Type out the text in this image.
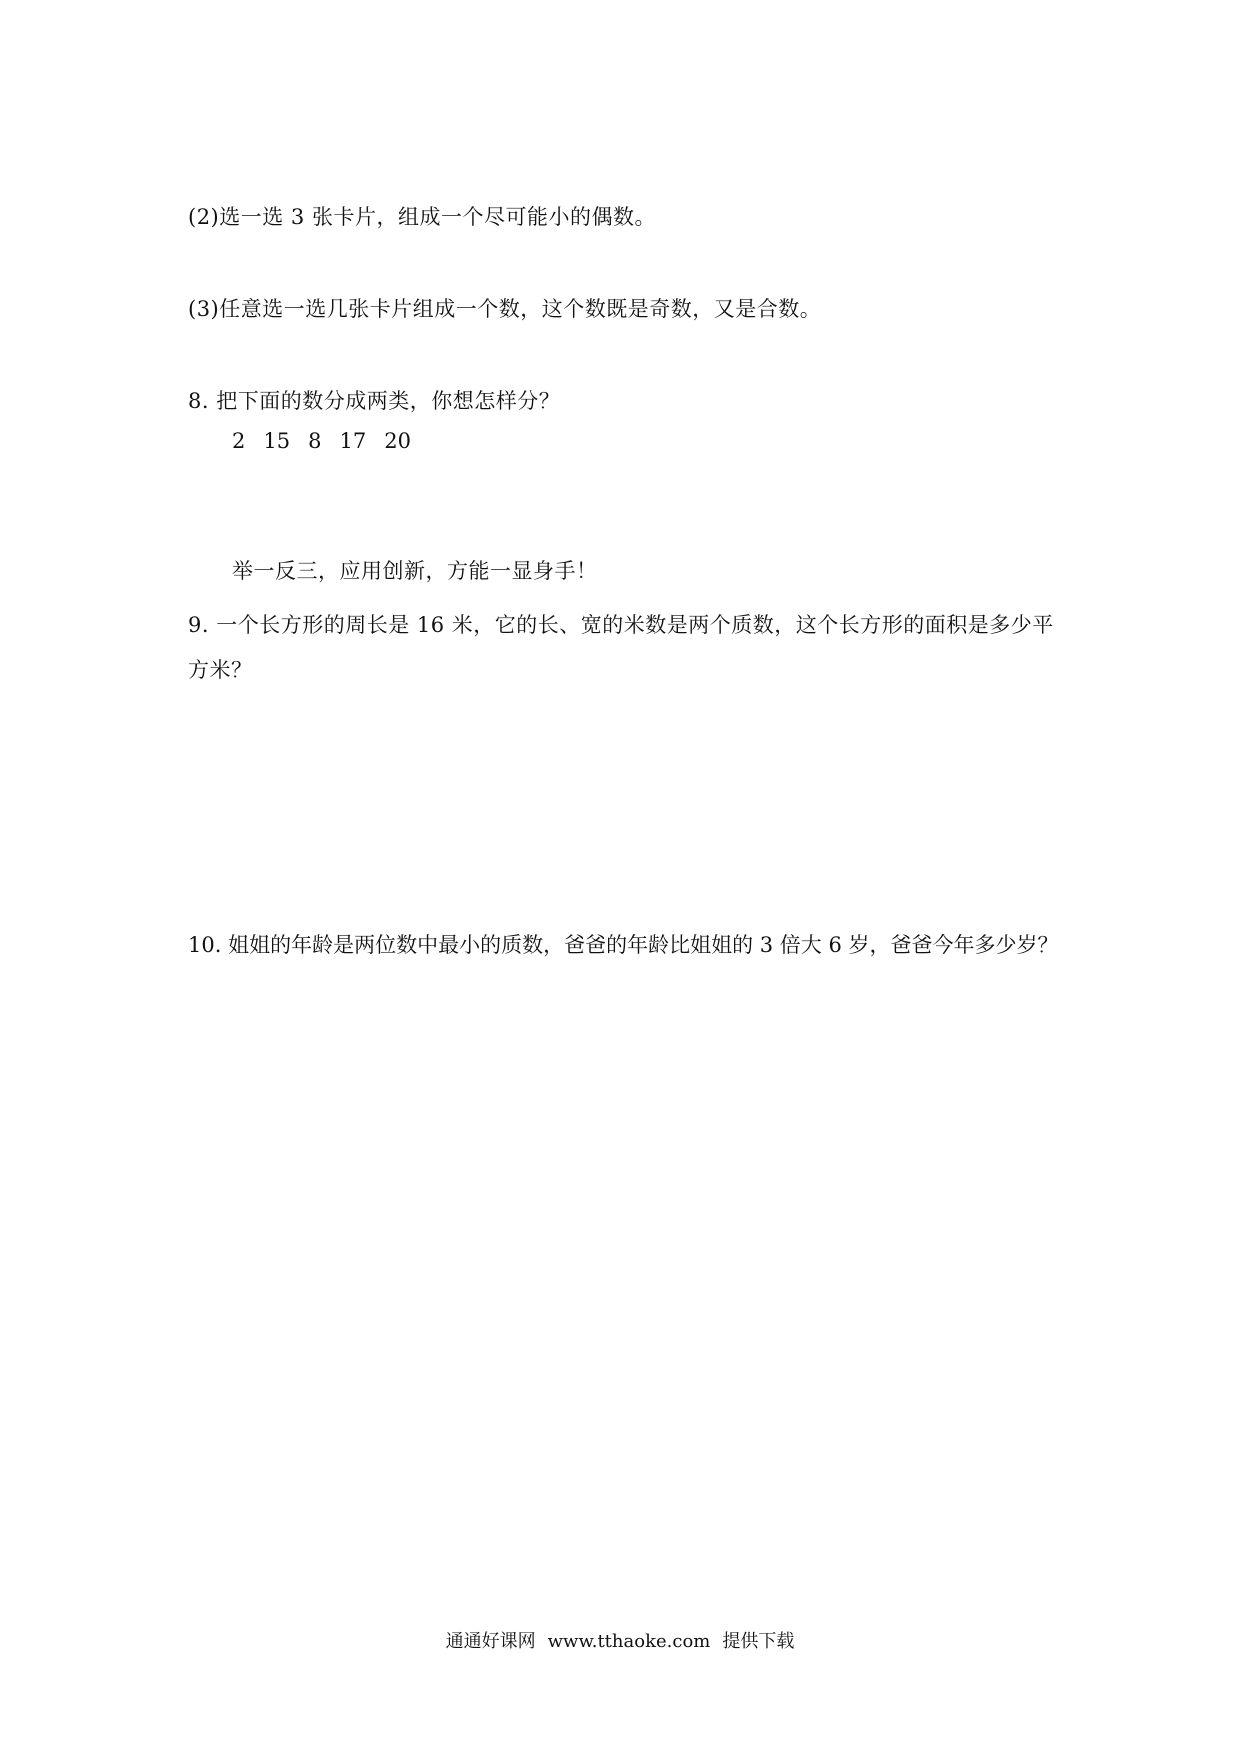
(2)选一选 3 张卡片，组成一个尽可能小的偶数。
(3)任意选一选几张卡片组成一个数，这个数既是奇数，又是合数。
8. 把下面的数分成两类，你想怎样分？
2 15 8 17 20
举一反三，应用创新，方能一显身手！
9. 一个长方形的周长是 16 米，它的长、宽的米数是两个质数，这个长方形的面积是多少平
方米？
10. 姐姐的年龄是两位数中最小的质数，爸爸的年龄比姐姐的 3 倍大 6 岁，爸爸今年多少岁？
通通好课网 www.tthaoke.com 提供下载
